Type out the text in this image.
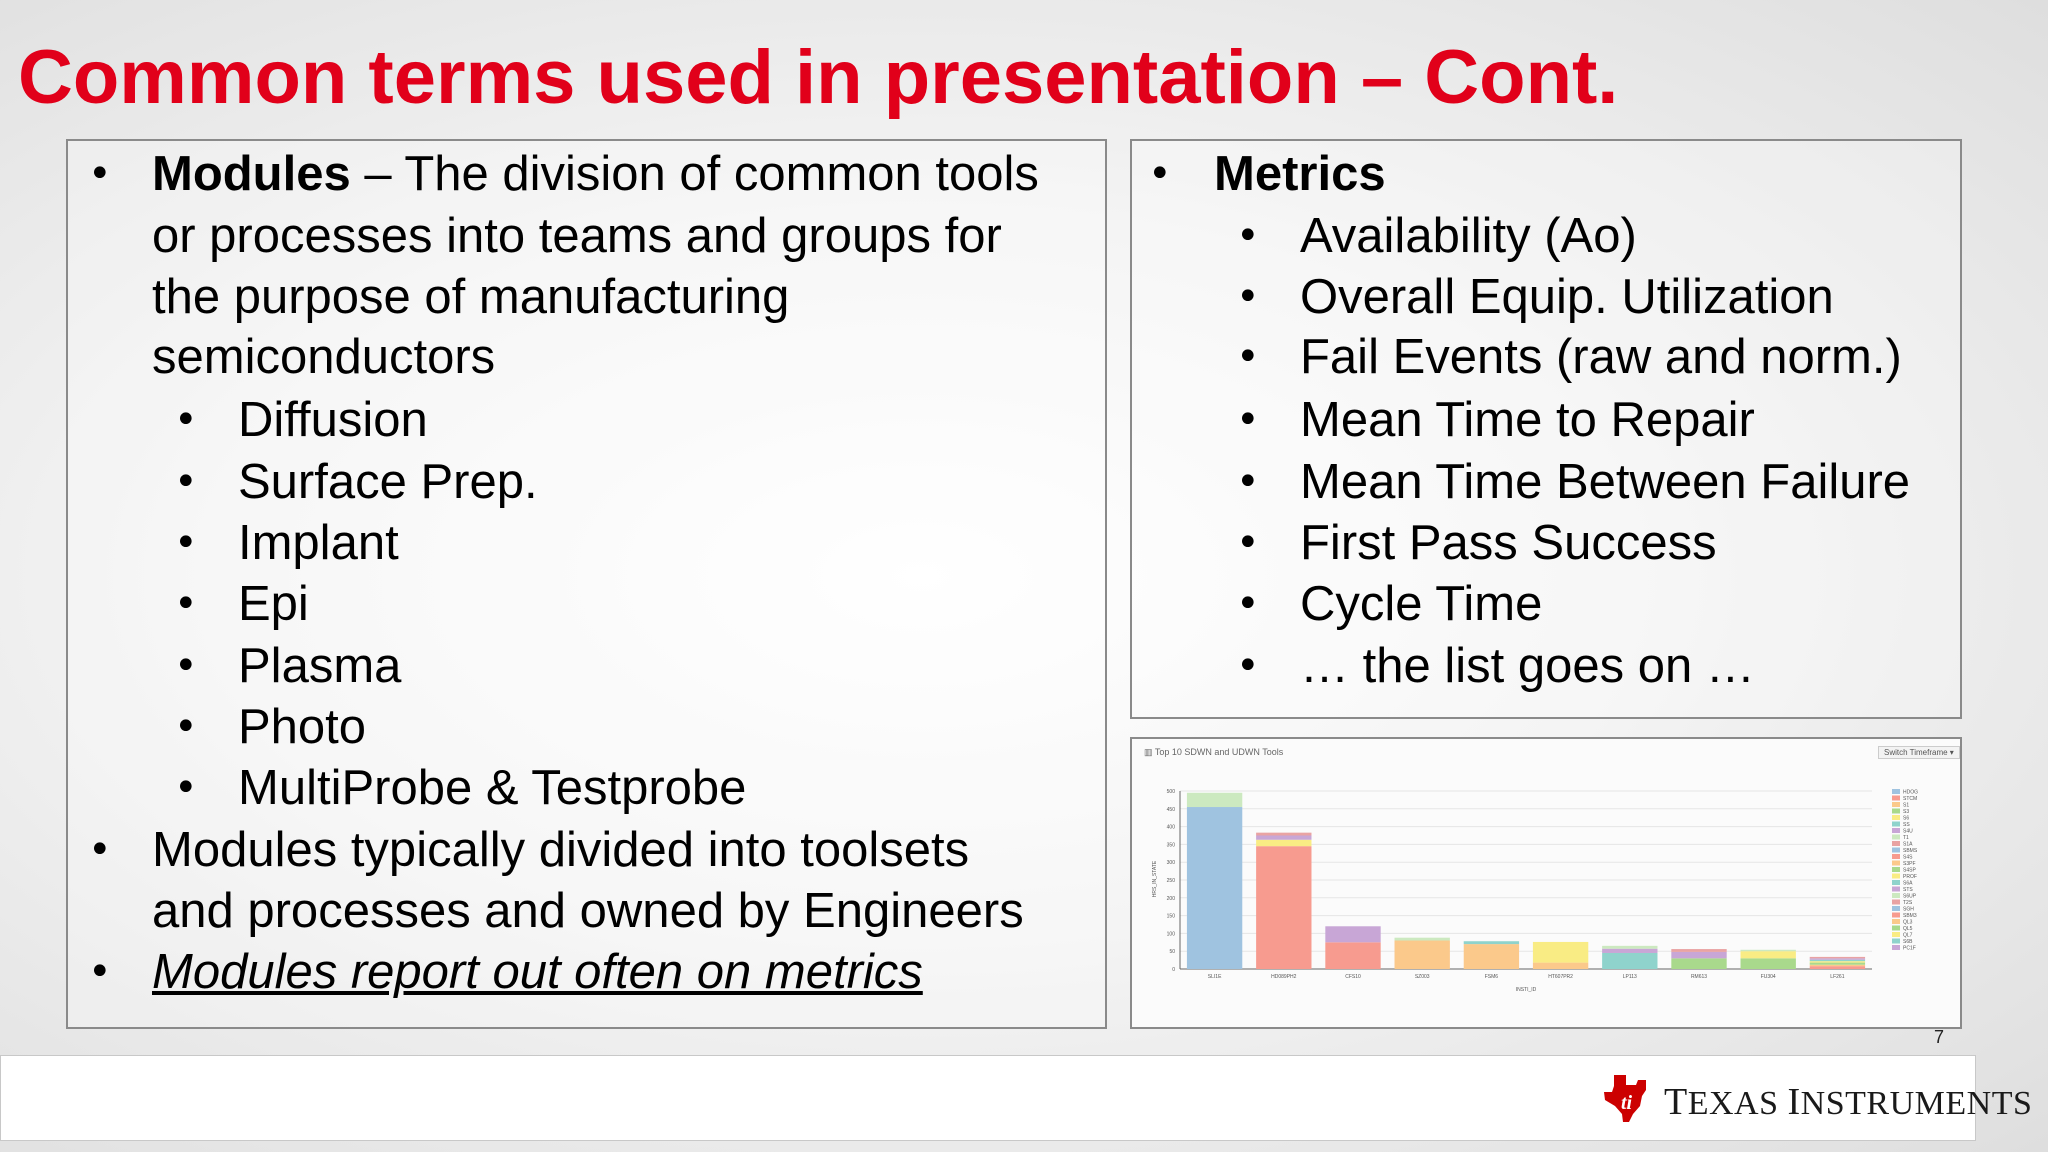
Common terms used in presentation – Cont.
• Modules – The division of common tools
or processes into teams and groups for
the purpose of manufacturing
semiconductors
• Diffusion
• Surface Prep.
• Implant
• Epi
• Plasma
• Photo
• MultiProbe & Testprobe
• Modules typically divided into toolsets
and processes and owned by Engineers
• Modules report out often on metrics
• Metrics
• Availability (Ao)
• Overall Equip. Utilization
• Fail Events (raw and norm.)
• Mean Time to Repair
• Mean Time Between Failure
• First Pass Success
• Cycle Time
• … the list goes on …
▥ Top 10 SDWN and UDWN Tools	Switch Timeframe ▾
0
50
100
150
200
250
300
350
400
450
500
HRS_IN_STATE
INSTI_ID
SLI1E	HD089PH2	CFS10	SZ003	FSM6	HT607PR2	LP113	RM613	FU304	LF261
HDOG
STCM
S1
S3
S6
SS
S4U
T1
S1A
SBMS
S4S
S3PF
S4SP
PROF
S6A
STS
S6UP
T2S
SGH
SBM3
QL3
QL5
QL7
S6B
PC1F
7
ti TEXAS INSTRUMENTS
